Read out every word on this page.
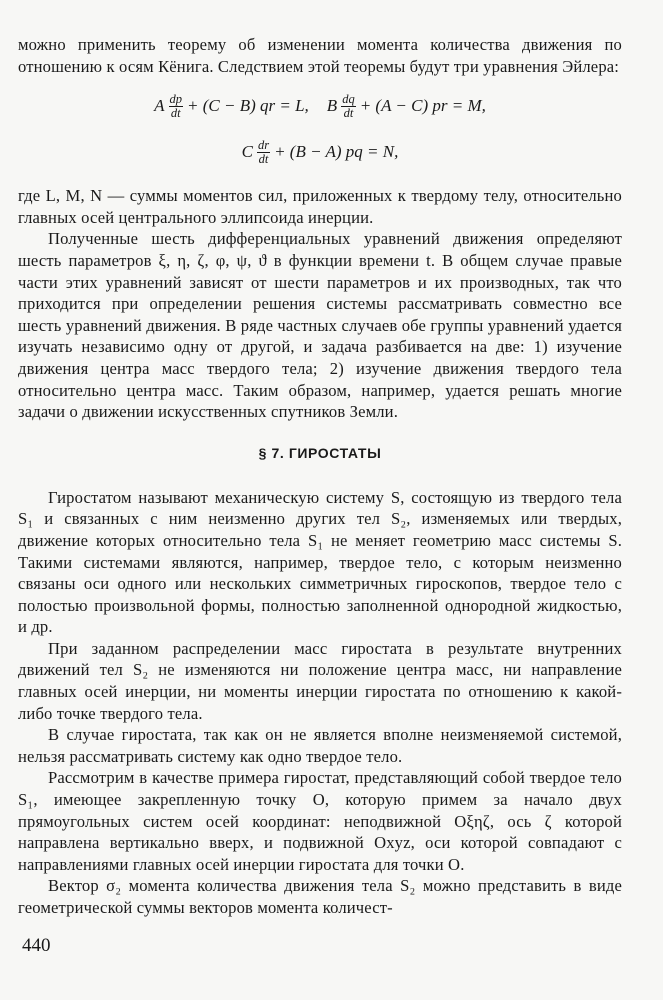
можно применить теорему об изменении момента количества движения по отношению к осям Кёнига. Следствием этой теоремы будут три уравнения Эйлера:

A $\frac{dp}{dt} + (C - B)$ qr = L, B $\frac{dq}{dt} + (A - C)$ pr = M,
C $\frac{dr}{dt} + (B - A)$ pq = N,

где L, M, N — суммы моментов сил, приложенных к твердому телу, относительно главных осей центрального эллипсоида инерции.

Полученные шесть дифференциальных уравнений движения определяют шесть параметров ξ, η, ζ, φ, ψ, ϑ в функции времени t. В общем случае правые части этих уравнений зависят от шести параметров и их производных, так что приходится при определении решения системы рассматривать совместно все шесть уравнений движения. В ряде частных случаев обе группы уравнений удается изучать независимо одну от другой, и задача разбивается на две: 1) изучение движения центра масс твердого тела; 2) изучение движения твердого тела относительно центра масс. Таким образом, например, удается решать многие задачи о движении искусственных спутников Земли.

§ 7. ГИРОСТАТЫ

Гиростатом называют механическую систему S, состоящую из твердого тела S₁ и связанных с ним неизменно других тел S₂, изменяемых или твердых, движение которых относительно тела S₁ не меняет геометрию масс системы S. Такими системами являются, например, твердое тело, с которым неизменно связаны оси одного или нескольких симметричных гироскопов, твердое тело с полостью произвольной формы, полностью заполненной однородной жидкостью, и др.

При заданном распределении масс гиростата в результате внутренних движений тел S₂ не изменяются ни положение центра масс, ни направление главных осей инерции, ни моменты инерции гиростата по отношению к какой-либо точке твердого тела.

В случае гиростата, так как он не является вполне неизменяемой системой, нельзя рассматривать систему как одно твердое тело.

Рассмотрим в качестве примера гиростат, представляющий собой твердое тело S₁, имеющее закрепленную точку O, которую примем за начало двух прямоугольных систем осей координат: неподвижной Oξηζ, ось ζ которой направлена вертикально вверх, и подвижной Oxyz, оси которой совпадают с направлениями главных осей инерции гиростата для точки O.

Вектор σ₂ момента количества движения тела S₂ можно представить в виде геометрической суммы векторов момента количест-

440
